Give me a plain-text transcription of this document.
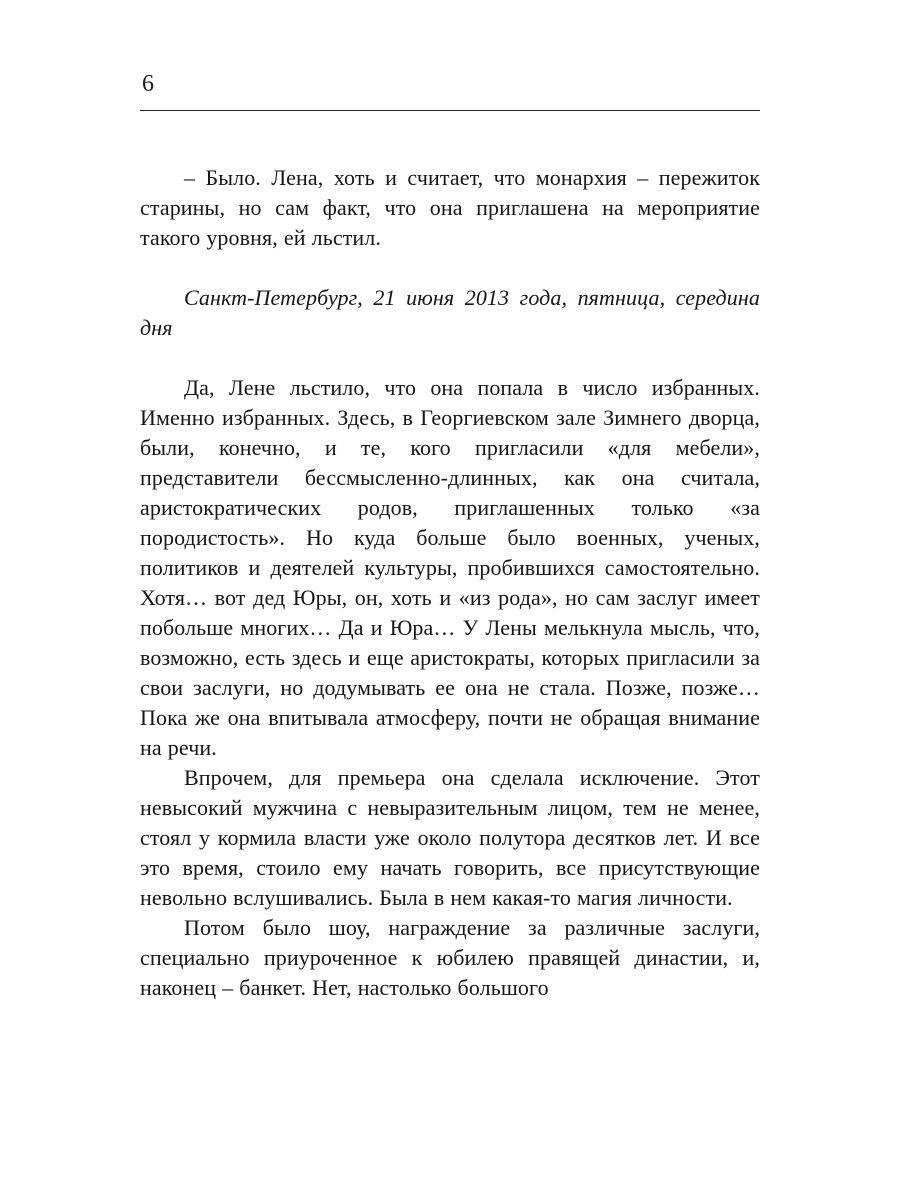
6

– Было. Лена, хоть и считает, что монархия – пережиток старины, но сам факт, что она приглашена на мероприятие такого уровня, ей льстил.

Санкт-Петербург, 21 июня 2013 года, пятница, середина дня

Да, Лене льстило, что она попала в число избранных. Именно избранных. Здесь, в Георгиевском зале Зимнего дворца, были, конечно, и те, кого пригласили «для мебели», представители бессмысленно-длинных, как она считала, аристократических родов, приглашенных только «за породистость». Но куда больше было военных, ученых, политиков и деятелей культуры, пробившихся самостоятельно. Хотя… вот дед Юры, он, хоть и «из рода», но сам заслуг имеет побольше многих… Да и Юра… У Лены мелькнула мысль, что, возможно, есть здесь и еще аристократы, которых пригласили за свои заслуги, но додумывать ее она не стала. Позже, позже… Пока же она впитывала атмосферу, почти не обращая внимание на речи.

Впрочем, для премьера она сделала исключение. Этот невысокий мужчина с невыразительным лицом, тем не менее, стоял у кормила власти уже около полутора десятков лет. И все это время, стоило ему начать говорить, все присутствующие невольно вслушивались. Была в нем какая-то магия личности.

Потом было шоу, награждение за различные заслуги, специально приуроченное к юбилею правящей династии, и, наконец – банкет. Нет, настолько большого
